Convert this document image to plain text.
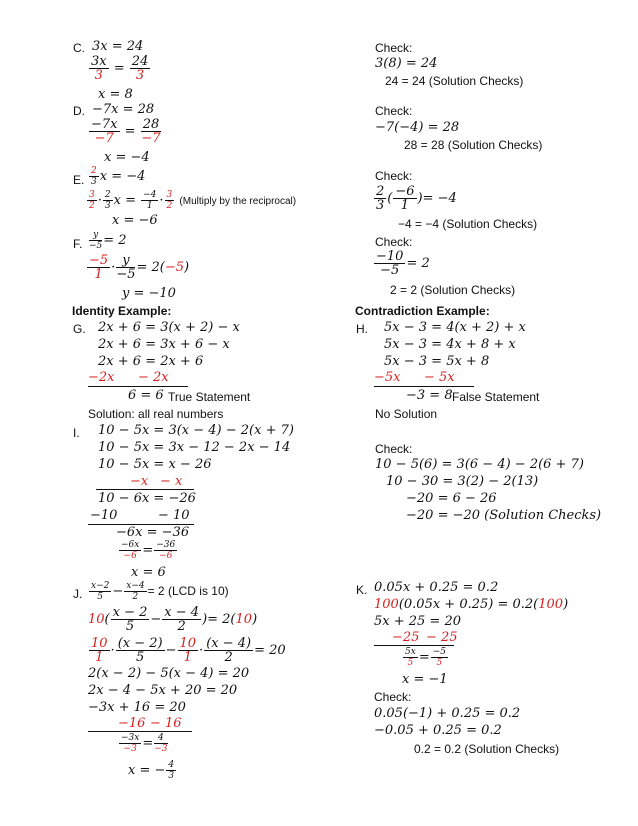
C. 3x = 24
$\frac{3x}{3} = \frac{24}{3}$
x = 8
D. −7x = 28
$\frac{-7x}{-7} = \frac{28}{-7}$
x = −4
E. $\frac{2}{3}$ x = −4
$\frac{3}{2} \cdot \frac{2}{3}$ $x = \frac{-4}{1} \cdot \frac{3}{2}$ (Multiply by the reciprocal)
x = −6
F. $\frac{y}{-5} = 2$
$\frac{-5}{1} \cdot \frac{y}{-5} = 2(-5)$
y = −10
Identity Example:
G. 2x + 6 = 3(x + 2) − x
2x + 6 = 3x + 6 − x
2x + 6 = 2x + 6
−2x − 2x
6 = 6 True Statement
Solution: all real numbers
I. 10 − 5x = 3(x − 4) − 2(x + 7)
10 − 5x = 3x − 12 − 2x − 14
10 − 5x = x − 26
−x − x
10 − 6x = −26
−10	− 10
−6x = −36
$\frac{-6x}{-6} = \frac{-36}{-6}$
x = 6
J. $\frac{x-2}{5} - \frac{x-4}{2} = 2$ (LCD is 10)
$10( \frac{x - 2}{5} - \frac{x - 4}{2}$ )= 2(10)
$\frac{10}{1} \cdot \frac{(x - 2)}{5} - \frac{10}{1} \cdot \frac{(x - 4)}{2} = 20$
2(x − 2) − 5(x − 4) = 20
2x − 4 − 5x + 20 = 20
−3x + 16 = 20
−16 − 16
$\frac{-3x}{-3} = \frac{4}{-3}$
x = − $\frac{4}{3}$
Check:
3(8) = 24
24 = 24 (Solution Checks)
Check:
−7(−4) = 28
28 = 28 (Solution Checks)
Check:
$\frac{2}{3}$ ( $\frac{-6}{1}$ )= −4
−4 = −4 (Solution Checks)
Check:
$\frac{-10}{-5} = 2$
2 = 2 (Solution Checks)
Contradiction Example:
H. 5x − 3 = 4(x + 2) + x
5x − 3 = 4x + 8 + x
5x − 3 = 5x + 8
−5x − 5x
−3 = 8 False Statement
No Solution
Check:
10 − 5(6) = 3(6 − 4) − 2(6 + 7)
10 − 30 = 3(2) − 2(13)
−20 = 6 − 26
−20 = −20 (Solution Checks)
K. 0.05x + 0.25 = 0.2
100(0.05x + 0.25) = 0.2(100)
5x + 25 = 20
−25 − 25
$\frac{5x}{5} = \frac{-5}{5}$
x = −1
Check:
0.05(−1) + 0.25 = 0.2
−0.05 + 0.25 = 0.2
0.2 = 0.2 (Solution Checks)
